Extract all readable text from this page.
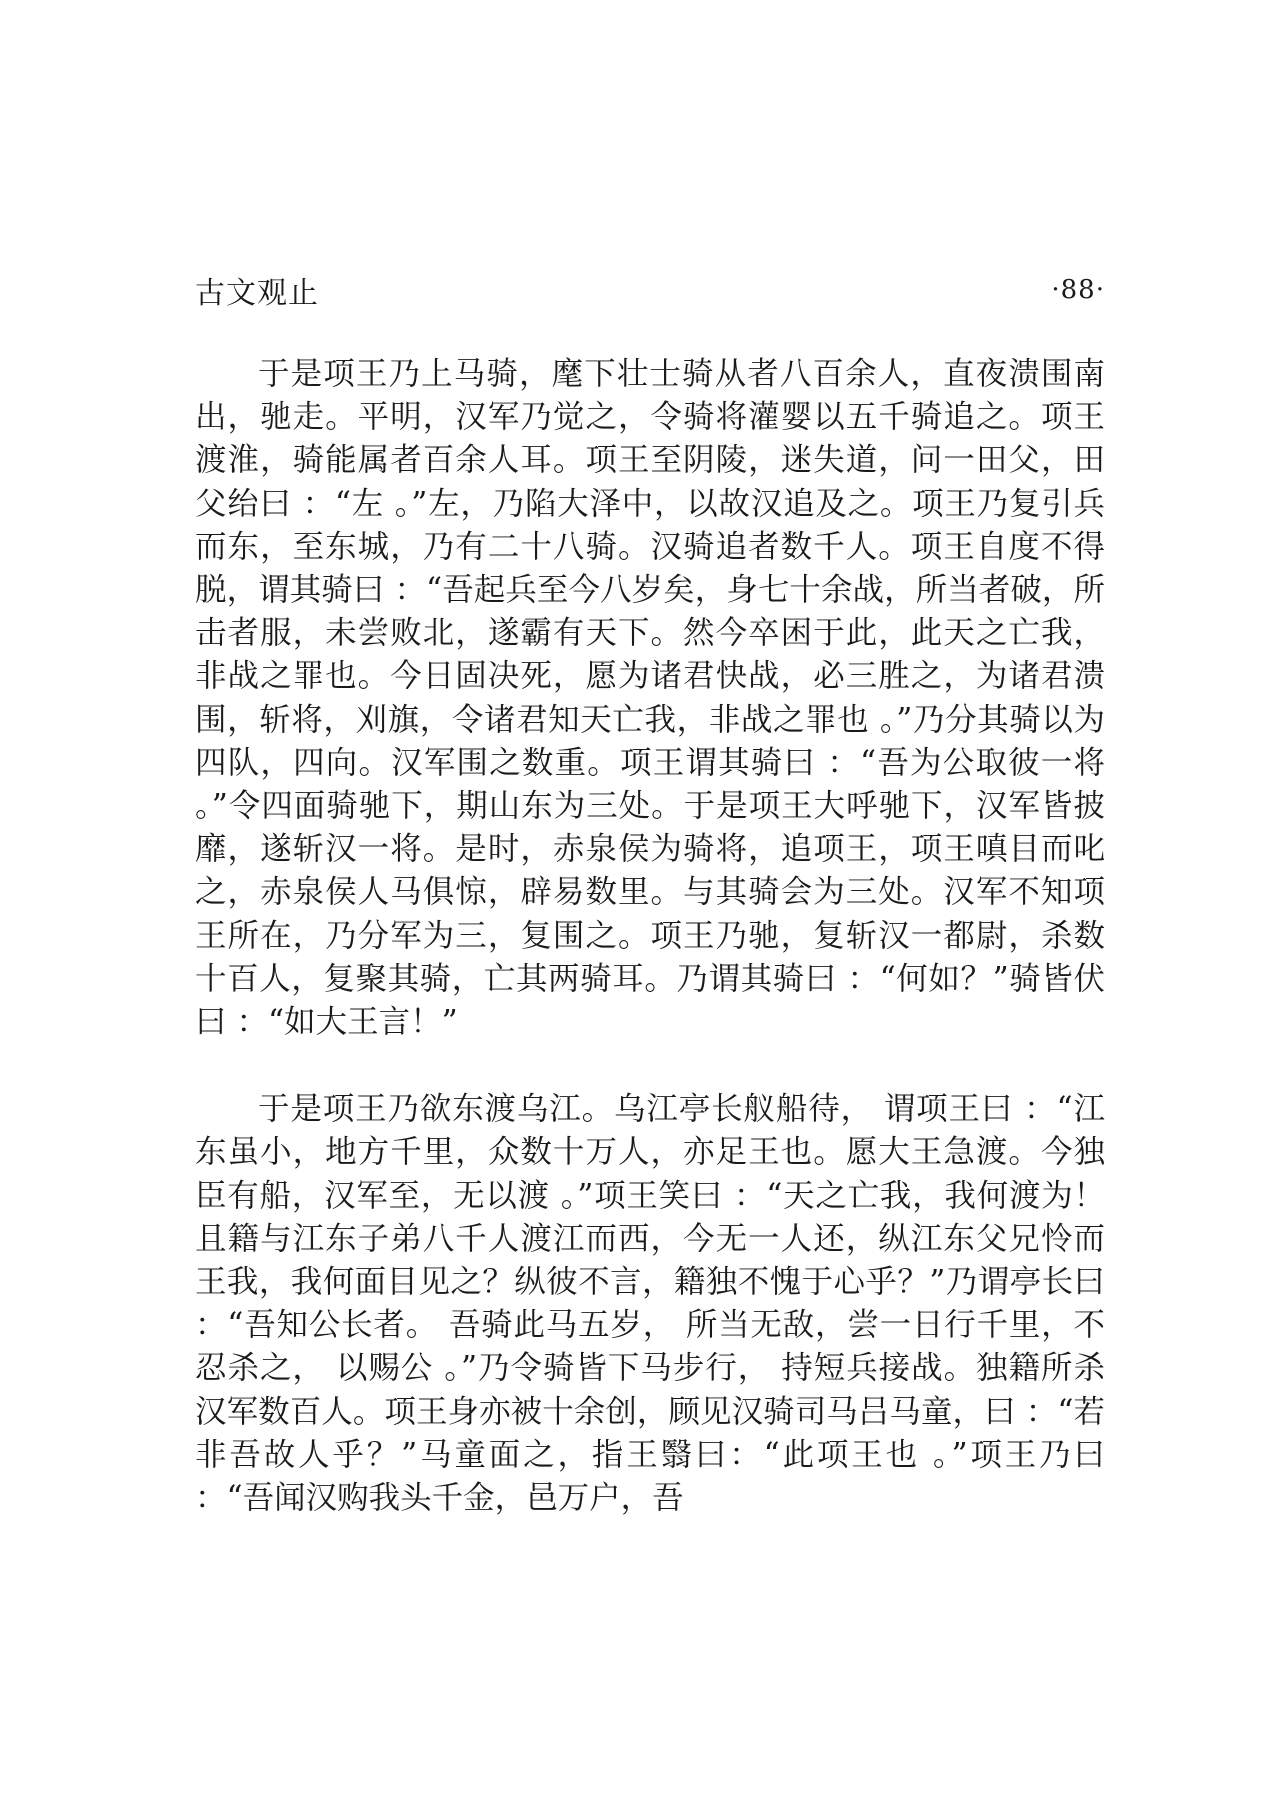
古文观止	·88·

于是项王乃上马骑，麾下壮士骑从者八百余人，直夜溃围南出，驰走。平明，汉军乃觉之，令骑将灌婴以五千骑追之。项王渡淮，骑能属者百余人耳。项王至阴陵，迷失道，问一田父，田父绐曰 ：“左 。”左，乃陷大泽中，以故汉追及之。项王乃复引兵而东，至东城，乃有二十八骑。汉骑追者数千人。项王自度不得脱，谓其骑曰 ：“吾起兵至今八岁矣，身七十余战，所当者破，所击者服，未尝败北，遂霸有天下。然今卒困于此，此天之亡我，非战之罪也。今日固决死，愿为诸君快战，必三胜之，为诸君溃围，斩将，刈旗，令诸君知天亡我，非战之罪也 。”乃分其骑以为四队，四向。汉军围之数重。项王谓其骑曰 ：“吾为公取彼一将 。”令四面骑驰下，期山东为三处。于是项王大呼驰下，汉军皆披靡，遂斩汉一将。是时，赤泉侯为骑将，追项王，项王嗔目而叱之，赤泉侯人马俱惊，辟易数里。与其骑会为三处。汉军不知项王所在，乃分军为三，复围之。项王乃驰，复斩汉一都尉，杀数十百人，复聚其骑，亡其两骑耳。乃谓其骑曰 ：“何如？”骑皆伏曰 ：“如大王言！”

于是项王乃欲东渡乌江。乌江亭长舣船待， 谓项王曰 ：“江东虽小，地方千里，众数十万人，亦足王也。愿大王急渡。今独臣有船，汉军至，无以渡 。”项王笑曰 ：“天之亡我，我何渡为！且籍与江东子弟八千人渡江而西，今无一人还，纵江东父兄怜而王我，我何面目见之？纵彼不言，籍独不愧于心乎？”乃谓亭长曰 ：“吾知公长者。 吾骑此马五岁， 所当无敌，尝一日行千里，不忍杀之， 以赐公 。”乃令骑皆下马步行， 持短兵接战。独籍所杀汉军数百人。项王身亦被十余创，顾见汉骑司马吕马童，曰 ：“若非吾故人乎？”马童面之，指王翳曰：“此项王也 。”项王乃曰 ：“吾闻汉购我头千金，邑万户，吾
